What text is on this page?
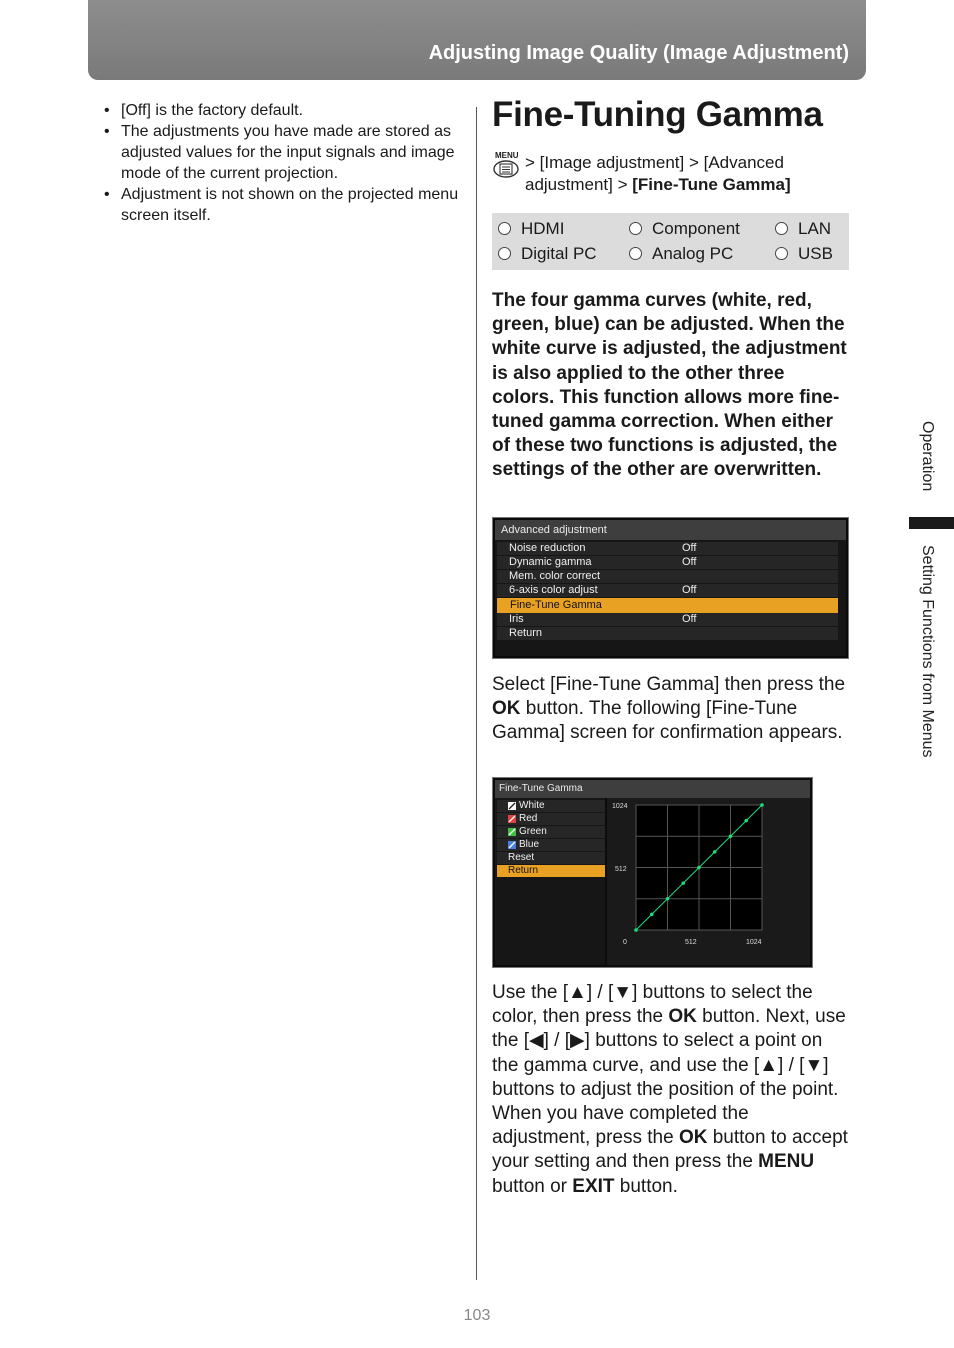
Adjusting Image Quality (Image Adjustment)
• [Off] is the factory default.
• The adjustments you have made are stored as adjusted values for the input signals and image mode of the current projection.
• Adjustment is not shown on the projected menu screen itself.
Fine-Tuning Gamma
MENU > [Image adjustment] > [Advanced adjustment] > [Fine-Tune Gamma]
HDMI	Component	LAN
Digital PC	Analog PC	USB
The four gamma curves (white, red, green, blue) can be adjusted. When the white curve is adjusted, the adjustment is also applied to the other three colors. This function allows more fine-tuned gamma correction. When either of these two functions is adjusted, the settings of the other are overwritten.
Advanced adjustment
Noise reduction	Off
Dynamic gamma	Off
Mem. color correct
6-axis color adjust	Off
Fine-Tune Gamma
Iris	Off
Return
Select [Fine-Tune Gamma] then press the OK button. The following [Fine-Tune Gamma] screen for confirmation appears.
Fine-Tune Gamma
White
Red
Green
Blue
Reset
Return
1024
512
0	512	1024
Use the [▲] / [▼] buttons to select the color, then press the OK button. Next, use the [◀] / [▶] buttons to select a point on the gamma curve, and use the [▲] / [▼] buttons to adjust the position of the point. When you have completed the adjustment, press the OK button to accept your setting and then press the MENU button or EXIT button.
Operation
Setting Functions from Menus
103
